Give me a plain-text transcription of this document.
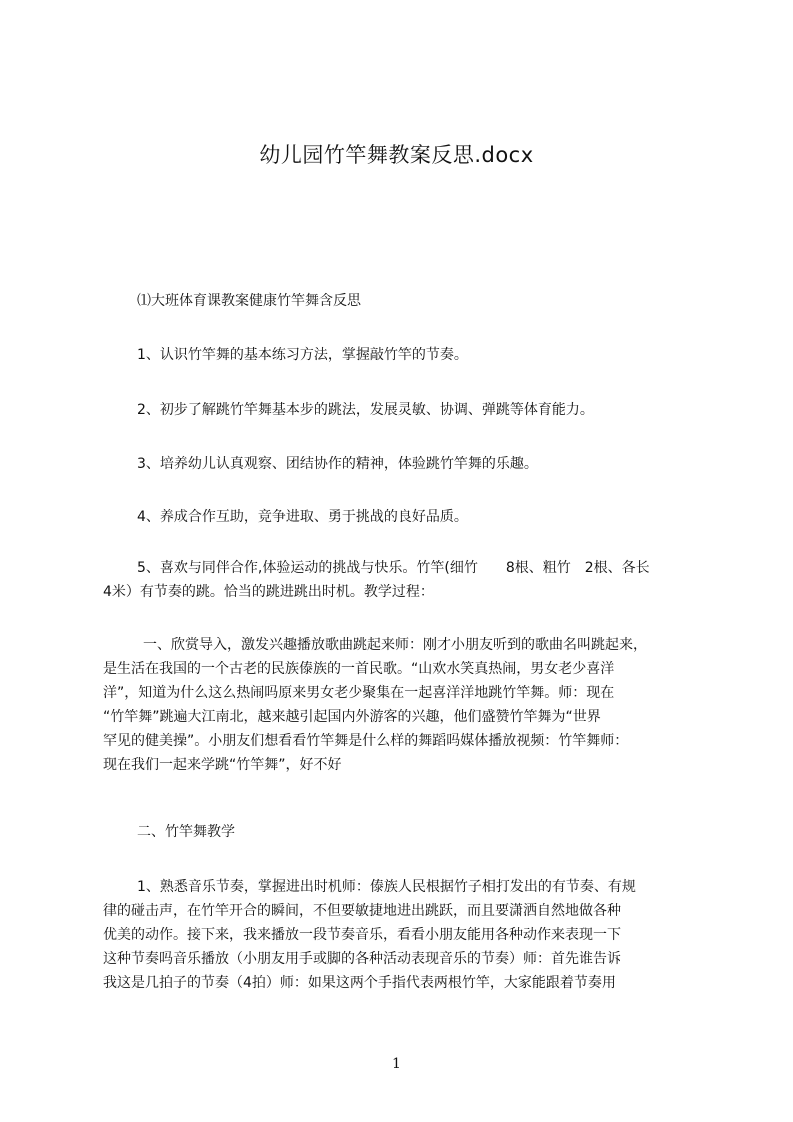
幼儿园竹竿舞教案反思.docx
⑴大班体育课教案健康竹竿舞含反思
1、认识竹竿舞的基本练习方法，掌握敲竹竿的节奏。
2、初步了解跳竹竿舞基本步的跳法，发展灵敏、协调、弹跳等体育能力。
3、培养幼儿认真观察、团结协作的精神，体验跳竹竿舞的乐趣。
4、养成合作互助，竞争进取、勇于挑战的良好品质。
5、喜欢与同伴合作,体验运动的挑战与快乐。竹竿(细竹　　8根、粗竹　2根、各长
4米）有节奏的跳。恰当的跳进跳出时机。教学过程：
一、欣赏导入，激发兴趣播放歌曲跳起来师：刚才小朋友听到的歌曲名叫跳起来，
是生活在我国的一个古老的民族傣族的一首民歌。“山欢水笑真热闹，男女老少喜洋
洋”，知道为什么这么热闹吗原来男女老少聚集在一起喜洋洋地跳竹竿舞。师：现在
“竹竿舞”跳遍大江南北，越来越引起国内外游客的兴趣，他们盛赞竹竿舞为“世界
罕见的健美操”。小朋友们想看看竹竿舞是什么样的舞蹈吗媒体播放视频：竹竿舞师：
现在我们一起来学跳“竹竿舞”，好不好
二、竹竿舞教学
1、熟悉音乐节奏，掌握进出时机师：傣族人民根据竹子相打发出的有节奏、有规
律的碰击声，在竹竿开合的瞬间，不但要敏捷地进出跳跃，而且要潇洒自然地做各种
优美的动作。接下来，我来播放一段节奏音乐，看看小朋友能用各种动作来表现一下
这种节奏吗音乐播放（小朋友用手或脚的各种活动表现音乐的节奏）师：首先谁告诉
我这是几拍子的节奏（4拍）师：如果这两个手指代表两根竹竿，大家能跟着节奏用
1
